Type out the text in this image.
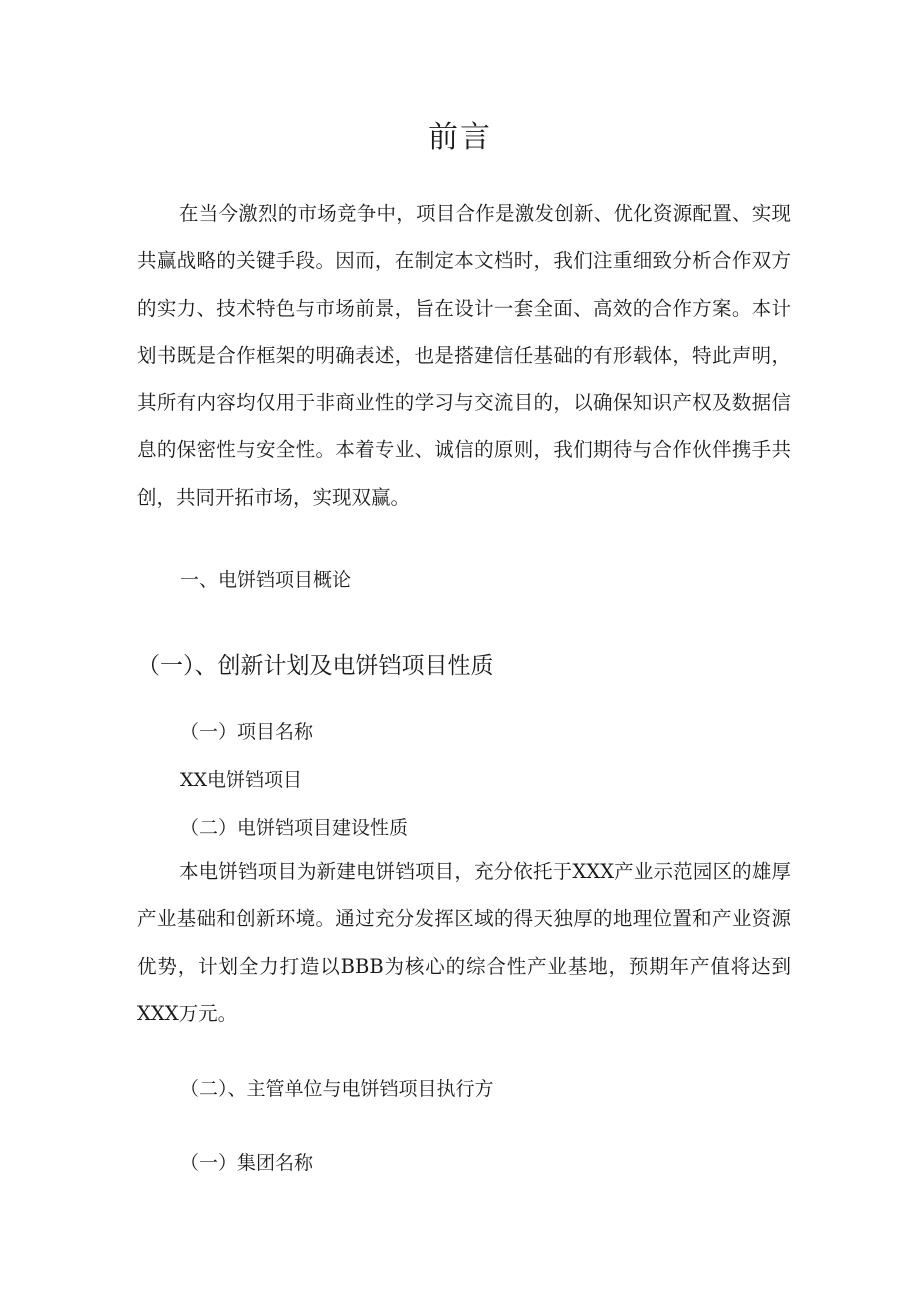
前言

在当今激烈的市场竞争中，项目合作是激发创新、优化资源配置、实现共赢战略的关键手段。因而，在制定本文档时，我们注重细致分析合作双方的实力、技术特色与市场前景，旨在设计一套全面、高效的合作方案。本计划书既是合作框架的明确表述，也是搭建信任基础的有形载体，特此声明，其所有内容均仅用于非商业性的学习与交流目的，以确保知识产权及数据信息的保密性与安全性。本着专业、诚信的原则，我们期待与合作伙伴携手共创，共同开拓市场，实现双赢。

一、电饼铛项目概论
（一）、创新计划及电饼铛项目性质
（一）项目名称
XX电饼铛项目
（二）电饼铛项目建设性质

本电饼铛项目为新建电饼铛项目，充分依托于XXX产业示范园区的雄厚产业基础和创新环境。通过充分发挥区域的得天独厚的地理位置和产业资源优势，计划全力打造以BBB为核心的综合性产业基地，预期年产值将达到XXX万元。

（二）、主管单位与电饼铛项目执行方
（一）集团名称
